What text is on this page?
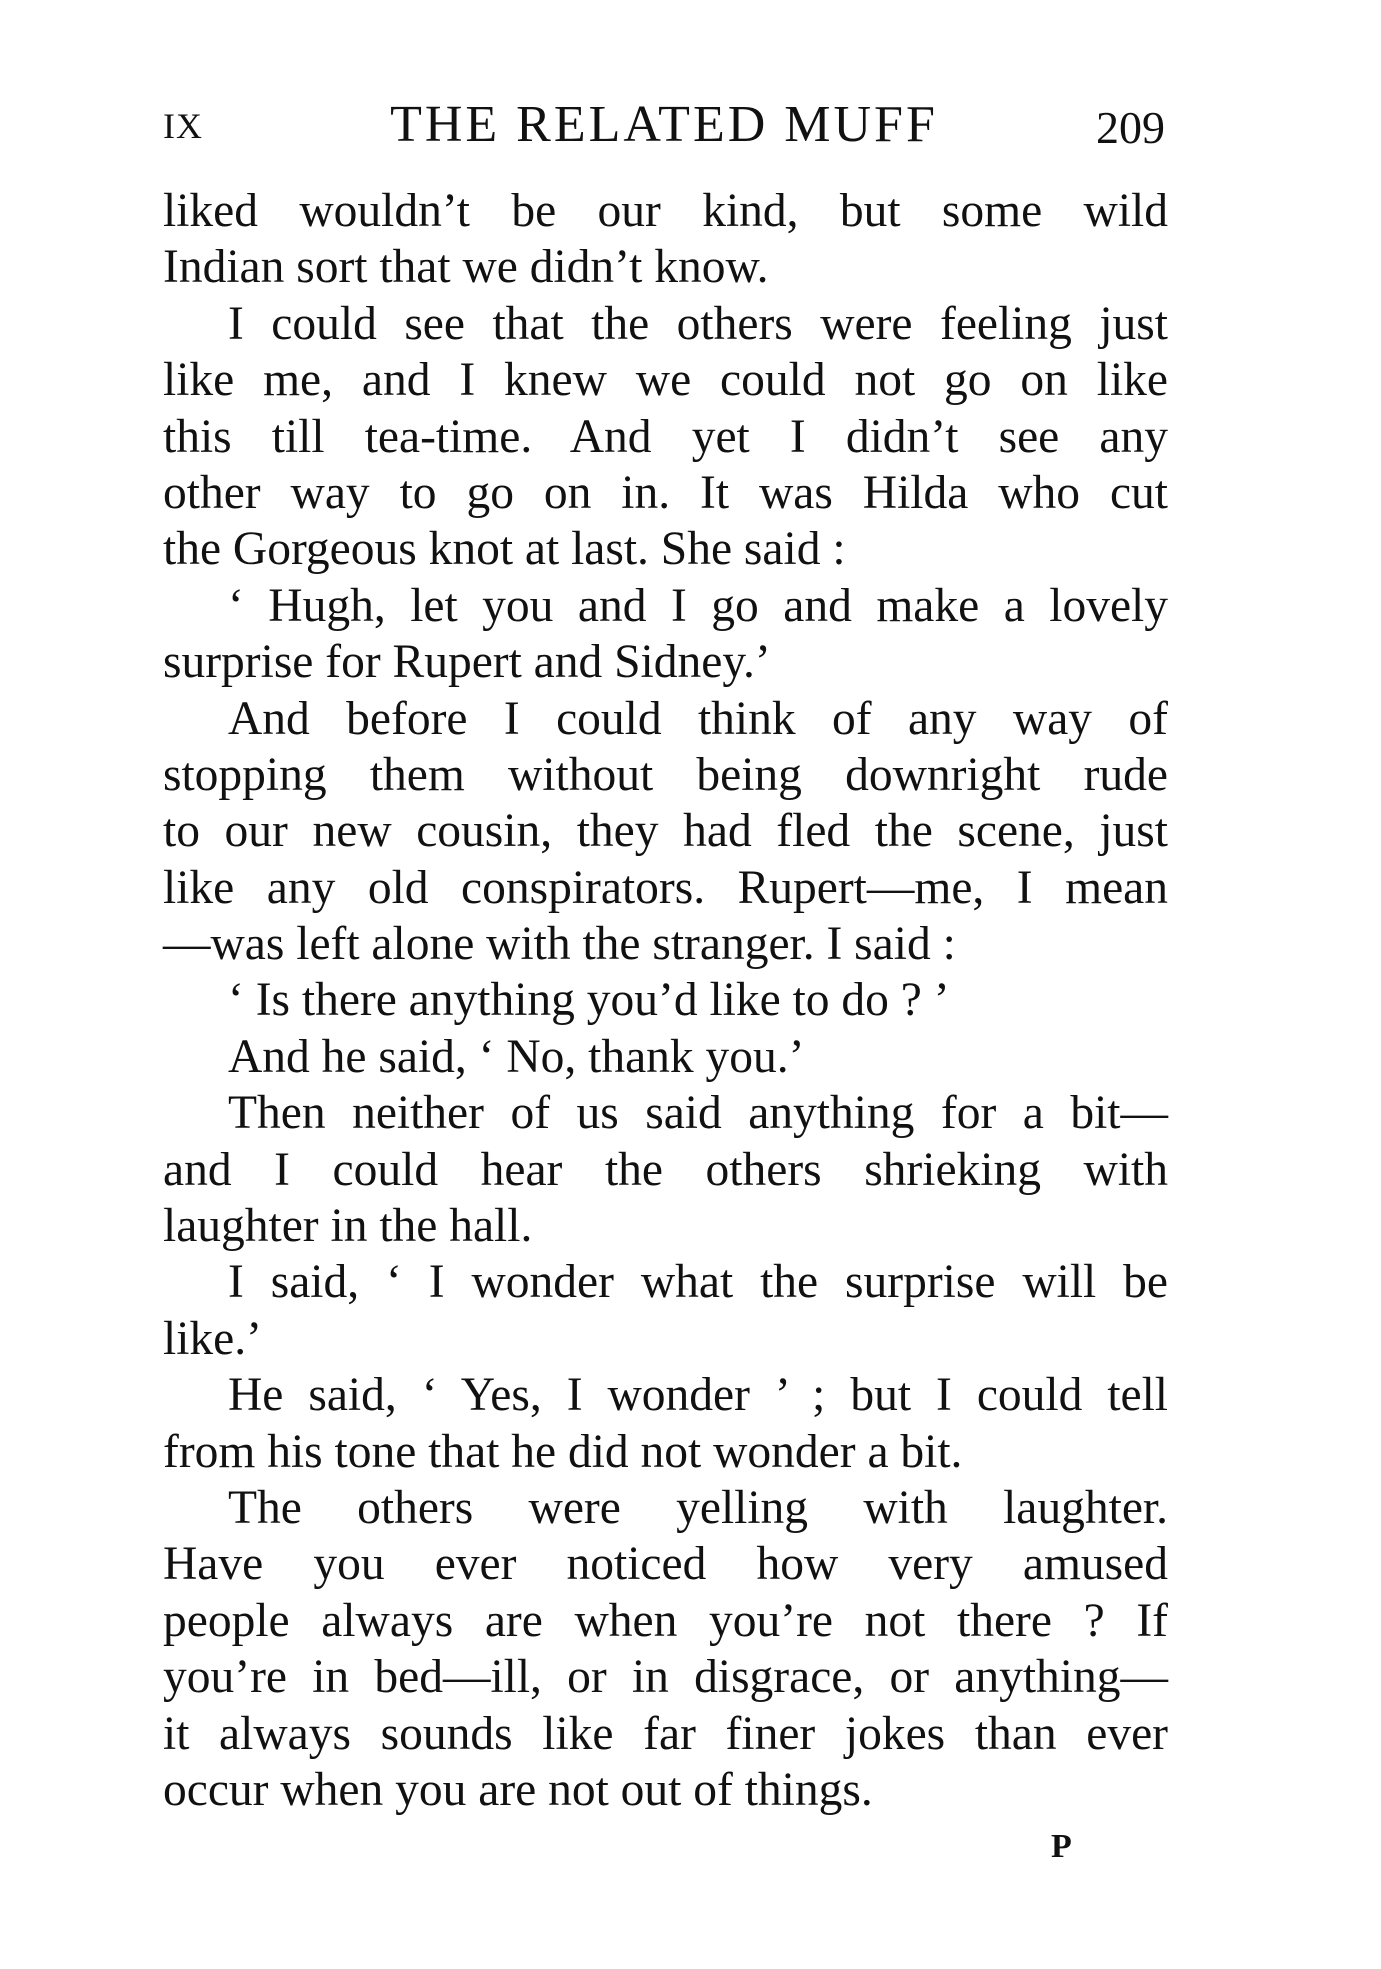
IX	THE RELATED MUFF	209
liked wouldn’t be our kind, but some wild
Indian sort that we didn’t know.
I could see that the others were feeling just
like me, and I knew we could not go on like
this till tea-time. And yet I didn’t see any
other way to go on in. It was Hilda who cut
the Gorgeous knot at last. She said :
‘ Hugh, let you and I go and make a lovely
surprise for Rupert and Sidney.’
And before I could think of any way of
stopping them without being downright rude
to our new cousin, they had fled the scene, just
like any old conspirators. Rupert—me, I mean
—was left alone with the stranger. I said :
‘ Is there anything you’d like to do ? ’
And he said, ‘ No, thank you.’
Then neither of us said anything for a bit—
and I could hear the others shrieking with
laughter in the hall.
I said, ‘ I wonder what the surprise will be
like.’
He said, ‘ Yes, I wonder ’ ; but I could tell
from his tone that he did not wonder a bit.
The others were yelling with laughter.
Have you ever noticed how very amused
people always are when you’re not there ? If
you’re in bed—ill, or in disgrace, or anything—
it always sounds like far finer jokes than ever
occur when you are not out of things.
P
